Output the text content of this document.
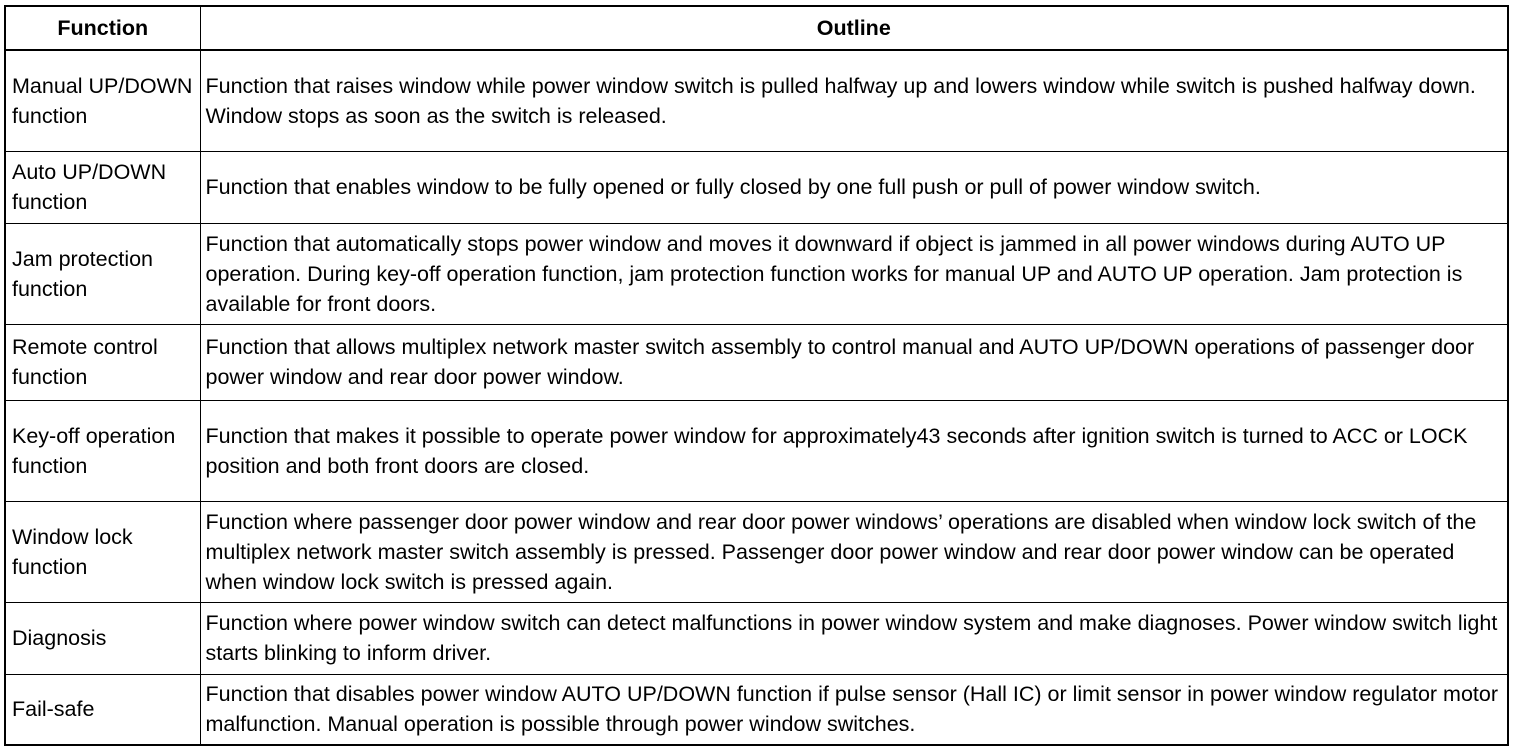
Function	Outline
Manual UP/DOWN function	Function that raises window while power window switch is pulled halfway up and lowers window while switch is pushed halfway down. Window stops as soon as the switch is released.
Auto UP/DOWN function	Function that enables window to be fully opened or fully closed by one full push or pull of power window switch.
Jam protection function	Function that automatically stops power window and moves it downward if object is jammed in all power windows during AUTO UP operation. During key-off operation function, jam protection function works for manual UP and AUTO UP operation. Jam protection is available for front doors.
Remote control function	Function that allows multiplex network master switch assembly to control manual and AUTO UP/DOWN operations of passenger door power window and rear door power window.
Key-off operation function	Function that makes it possible to operate power window for approximately43 seconds after ignition switch is turned to ACC or LOCK position and both front doors are closed.
Window lock function	Function where passenger door power window and rear door power windows’ operations are disabled when window lock switch of the multiplex network master switch assembly is pressed. Passenger door power window and rear door power window can be operated when window lock switch is pressed again.
Diagnosis	Function where power window switch can detect malfunctions in power window system and make diagnoses. Power window switch light starts blinking to inform driver.
Fail-safe	Function that disables power window AUTO UP/DOWN function if pulse sensor (Hall IC) or limit sensor in power window regulator motor malfunction. Manual operation is possible through power window switches.
